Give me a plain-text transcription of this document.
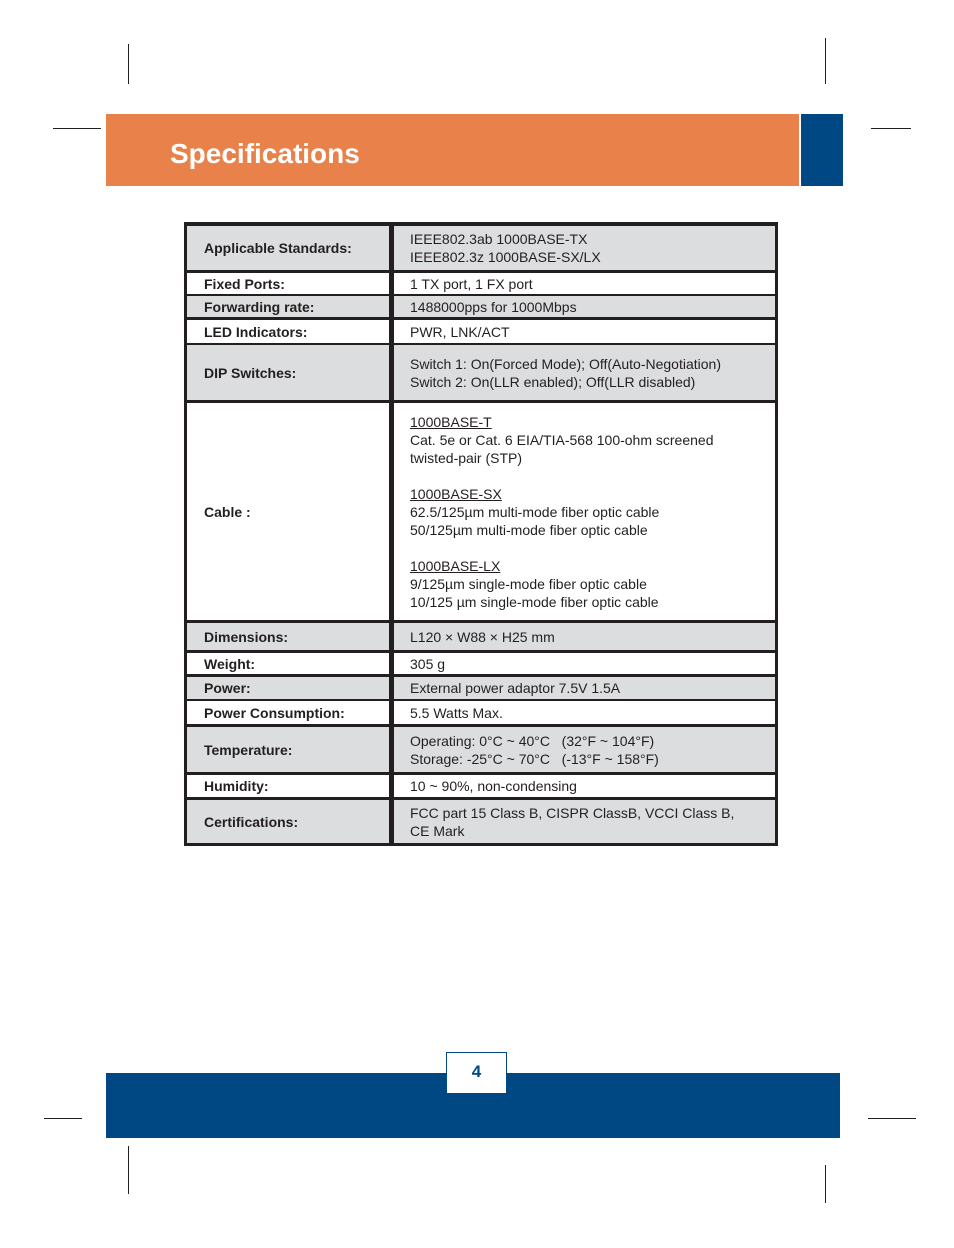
Specifications
Applicable Standards:
IEEE802.3ab 1000BASE-TX
IEEE802.3z 1000BASE-SX/LX
Fixed Ports:	1 TX port, 1 FX port
Forwarding rate:	1488000pps for 1000Mbps
LED Indicators:	PWR, LNK/ACT
DIP Switches:
Switch 1: On(Forced Mode); Off(Auto-Negotiation)
Switch 2: On(LLR enabled); Off(LLR disabled)
Cable :
1000BASE-T
Cat. 5e or Cat. 6 EIA/TIA-568 100-ohm screened
twisted-pair (STP)
1000BASE-SX
62.5/125µm multi-mode fiber optic cable
50/125µm multi-mode fiber optic cable
1000BASE-LX
9/125µm single-mode fiber optic cable
10/125 µm single-mode fiber optic cable
Dimensions:	L120 × W88 × H25 mm
Weight:	305 g
Power:	External power adaptor 7.5V 1.5A
Power Consumption:	5.5 Watts Max.
Temperature:
Operating: 0°C ~ 40°C   (32°F ~ 104°F)
Storage: -25°C ~ 70°C   (-13°F ~ 158°F)
Humidity:	10 ~ 90%, non-condensing
Certifications:
FCC part 15 Class B, CISPR ClassB, VCCI Class B,
CE Mark
4
